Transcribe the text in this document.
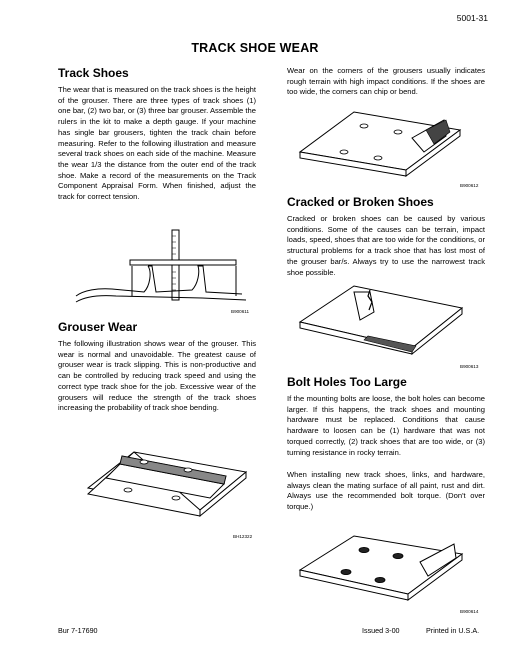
5001-31
TRACK SHOE WEAR
Track Shoes

The wear that is measured on the track shoes is the height of the grouser. There are three types of track shoes (1) one bar, (2) two bar, or (3) three bar grouser. Assemble the rulers in the kit to make a depth gauge. If your machine has single bar grousers, tighten the track chain before measuring. Refer to the following illustration and measure several track shoes on each side of the machine. Measure the wear 1/3 the distance from the outer end of the track shoe. Make a record of the measurements on the Track Component Appraisal Form. When finished, adjust the track for correct tension.

B900611
Grouser Wear

The following illustration shows wear of the grouser. This wear is normal and unavoidable. The greatest cause of grouser wear is track slipping. This is non-productive and can be controlled by reducing track speed and using the correct type track shoe for the job. Excessive wear of the grousers will reduce the strength of the track shoes increasing the probability of track shoe bending.

BH12322

Wear on the corners of the grousers usually indicates rough terrain with high impact conditions. If the shoes are too wide, the corners can chip or bend.

B900612
Cracked or Broken Shoes

Cracked or broken shoes can be caused by various conditions. Some of the causes can be terrain, impact loads, speed, shoes that are too wide for the conditions, or structural problems for a track shoe that has lost most of the grouser bar/s. Always try to use the narrowest track shoe possible.

B900613
Bolt Holes Too Large

If the mounting bolts are loose, the bolt holes can become larger. If this happens, the track shoes and mounting hardware must be replaced. Conditions that cause hardware to loosen can be (1) hardware that was not torqued correctly, (2) track shoes that are too wide, or (3) turning resistance in rocky terrain.

When installing new track shoes, links, and hardware, always clean the mating surface of all paint, rust and dirt. Always use the recommended bolt torque. (Don't over torque.)

B900614
Bur 7-17690	Issued 3-00	Printed in U.S.A.
